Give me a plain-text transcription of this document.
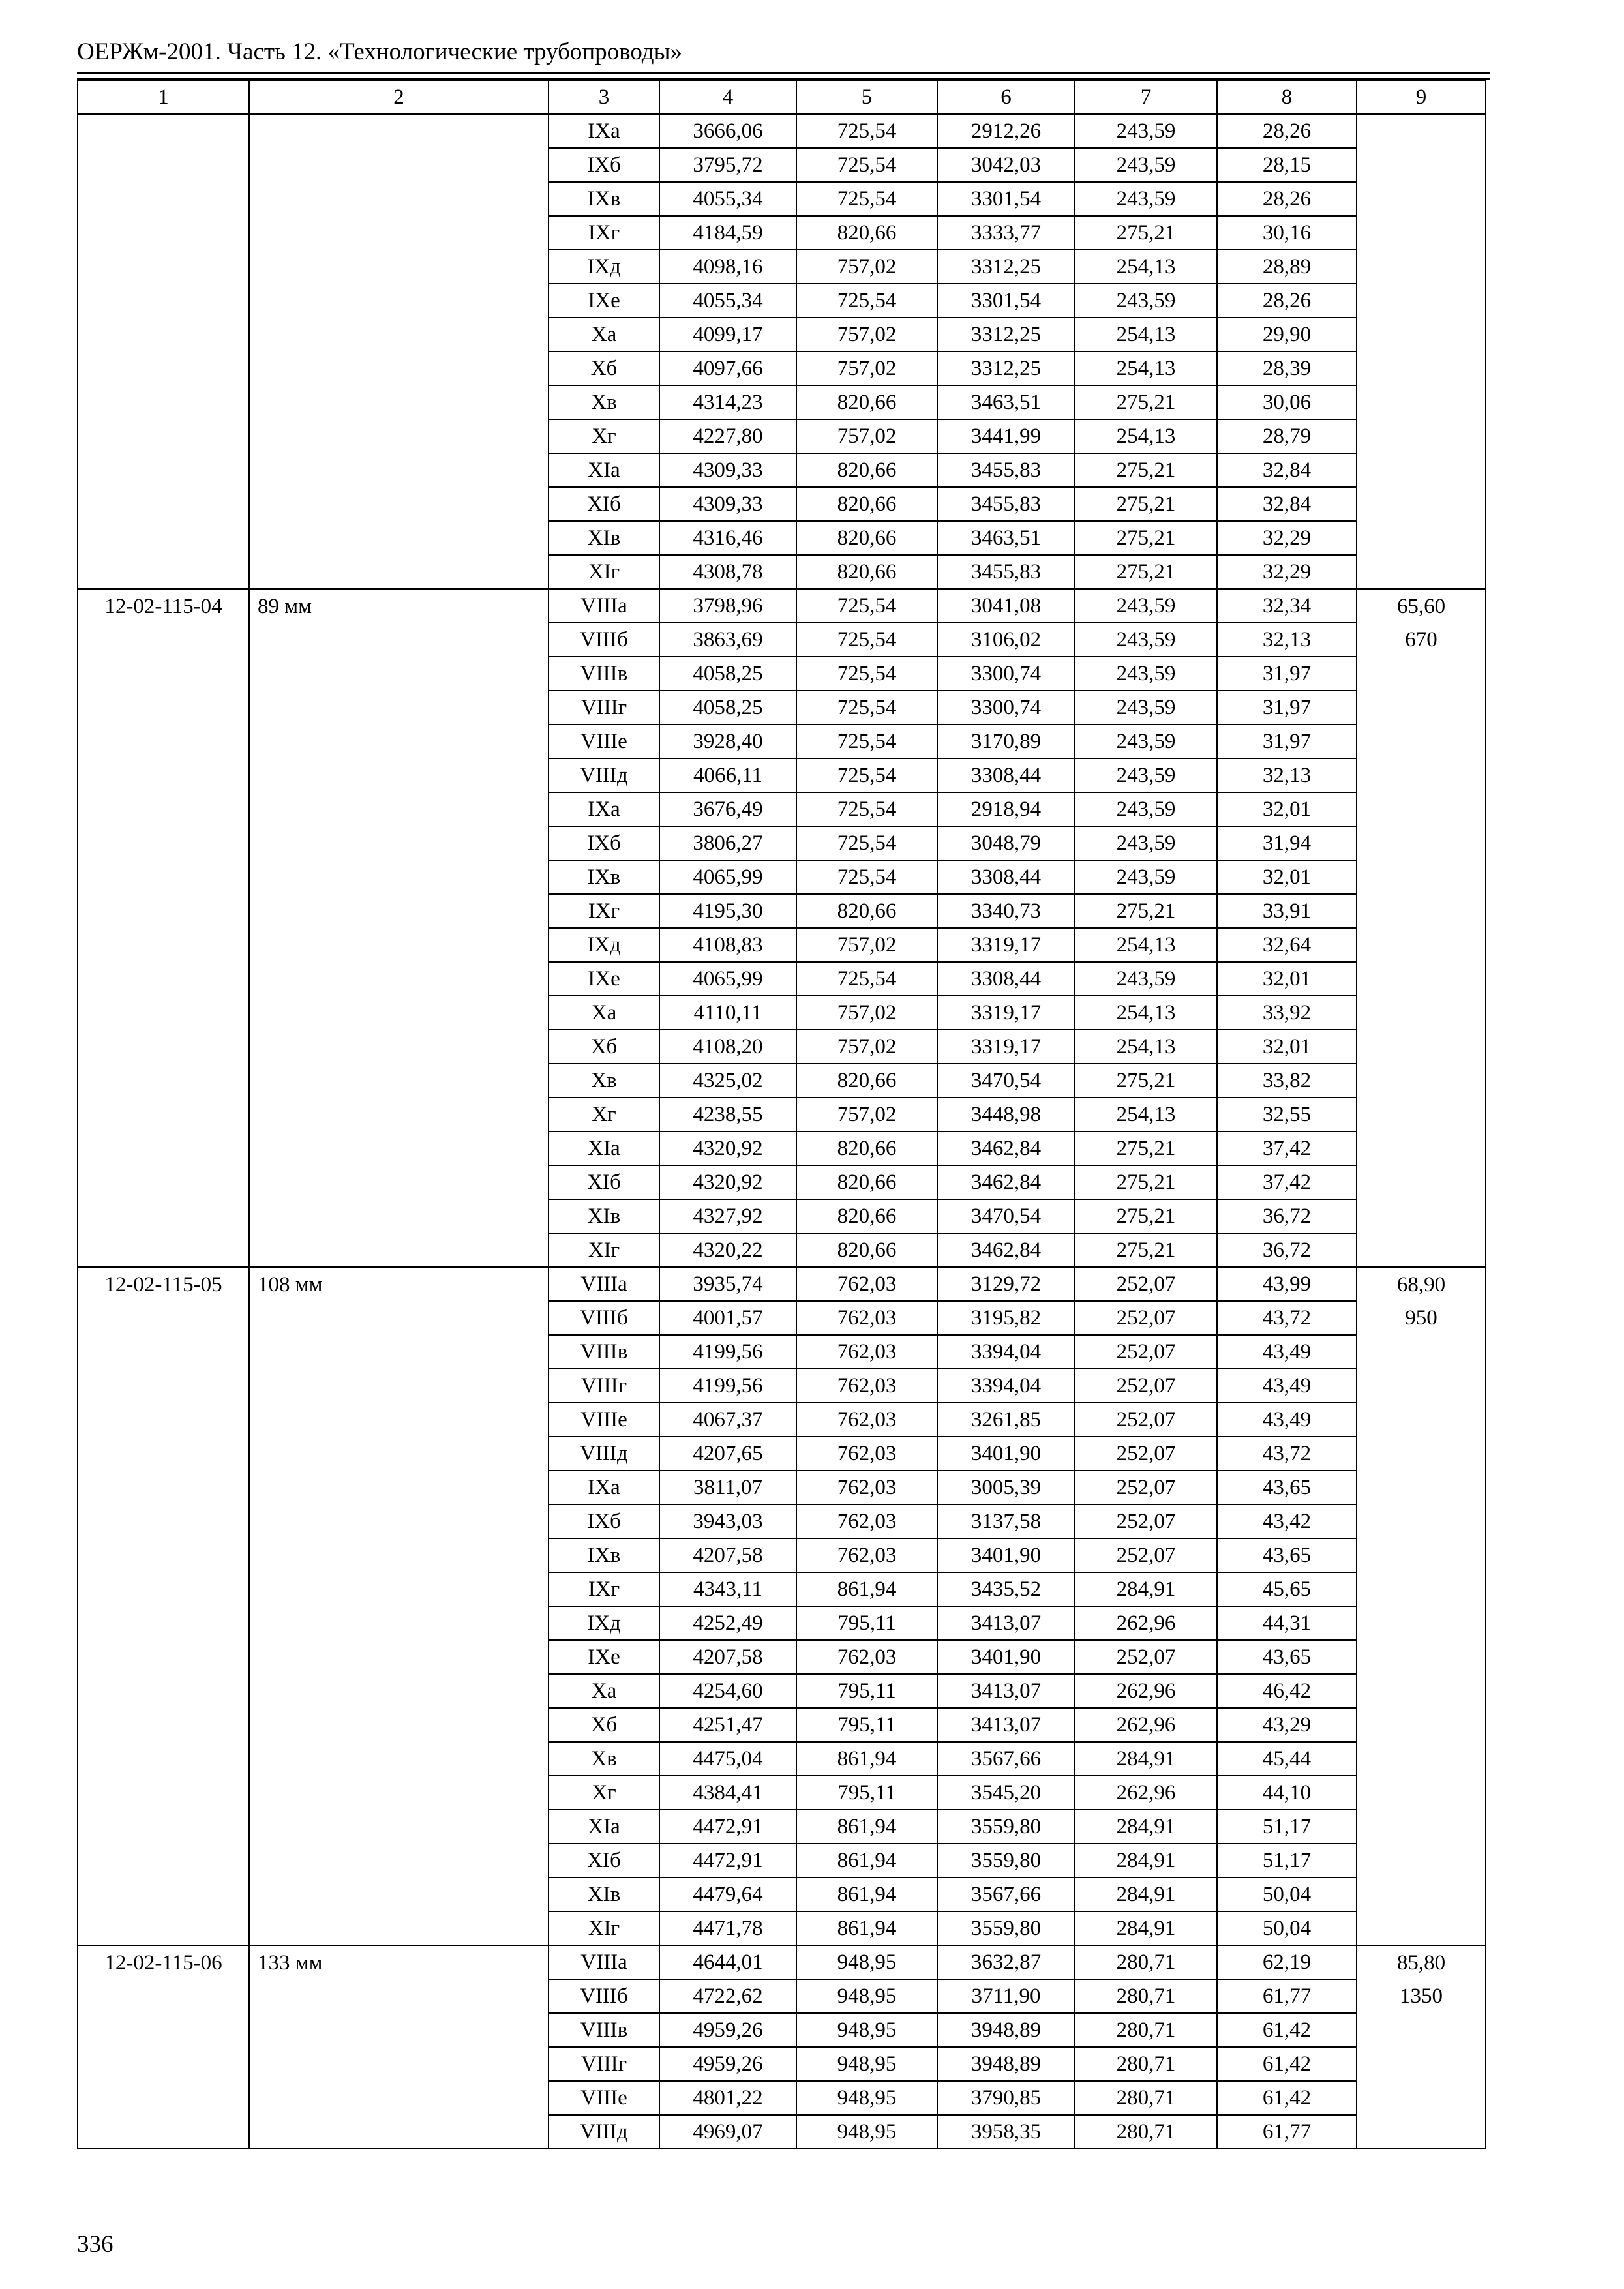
ОЕРЖм-2001. Часть 12. «Технологические трубопроводы»
1	2	3	4	5	6	7	8	9
		IXа	3666,06	725,54	2912,26	243,59	28,26	
		IXб	3795,72	725,54	3042,03	243,59	28,15	
		IXв	4055,34	725,54	3301,54	243,59	28,26	
		IXг	4184,59	820,66	3333,77	275,21	30,16	
		IXд	4098,16	757,02	3312,25	254,13	28,89	
		IXе	4055,34	725,54	3301,54	243,59	28,26	
		Xа	4099,17	757,02	3312,25	254,13	29,90	
		Xб	4097,66	757,02	3312,25	254,13	28,39	
		Xв	4314,23	820,66	3463,51	275,21	30,06	
		Xг	4227,80	757,02	3441,99	254,13	28,79	
		XIа	4309,33	820,66	3455,83	275,21	32,84	
		XIб	4309,33	820,66	3455,83	275,21	32,84	
		XIв	4316,46	820,66	3463,51	275,21	32,29	
		XIг	4308,78	820,66	3455,83	275,21	32,29	
12-02-115-04	89 мм	VIIIа	3798,96	725,54	3041,08	243,59	32,34	65,60
		VIIIб	3863,69	725,54	3106,02	243,59	32,13	670
		VIIIв	4058,25	725,54	3300,74	243,59	31,97	
		VIIIг	4058,25	725,54	3300,74	243,59	31,97	
		VIIIе	3928,40	725,54	3170,89	243,59	31,97	
		VIIIд	4066,11	725,54	3308,44	243,59	32,13	
		IXа	3676,49	725,54	2918,94	243,59	32,01	
		IXб	3806,27	725,54	3048,79	243,59	31,94	
		IXв	4065,99	725,54	3308,44	243,59	32,01	
		IXг	4195,30	820,66	3340,73	275,21	33,91	
		IXд	4108,83	757,02	3319,17	254,13	32,64	
		IXе	4065,99	725,54	3308,44	243,59	32,01	
		Xа	4110,11	757,02	3319,17	254,13	33,92	
		Xб	4108,20	757,02	3319,17	254,13	32,01	
		Xв	4325,02	820,66	3470,54	275,21	33,82	
		Xг	4238,55	757,02	3448,98	254,13	32,55	
		XIа	4320,92	820,66	3462,84	275,21	37,42	
		XIб	4320,92	820,66	3462,84	275,21	37,42	
		XIв	4327,92	820,66	3470,54	275,21	36,72	
		XIг	4320,22	820,66	3462,84	275,21	36,72	
12-02-115-05	108 мм	VIIIа	3935,74	762,03	3129,72	252,07	43,99	68,90
		VIIIб	4001,57	762,03	3195,82	252,07	43,72	950
		VIIIв	4199,56	762,03	3394,04	252,07	43,49	
		VIIIг	4199,56	762,03	3394,04	252,07	43,49	
		VIIIе	4067,37	762,03	3261,85	252,07	43,49	
		VIIIд	4207,65	762,03	3401,90	252,07	43,72	
		IXа	3811,07	762,03	3005,39	252,07	43,65	
		IXб	3943,03	762,03	3137,58	252,07	43,42	
		IXв	4207,58	762,03	3401,90	252,07	43,65	
		IXг	4343,11	861,94	3435,52	284,91	45,65	
		IXд	4252,49	795,11	3413,07	262,96	44,31	
		IXе	4207,58	762,03	3401,90	252,07	43,65	
		Xа	4254,60	795,11	3413,07	262,96	46,42	
		Xб	4251,47	795,11	3413,07	262,96	43,29	
		Xв	4475,04	861,94	3567,66	284,91	45,44	
		Xг	4384,41	795,11	3545,20	262,96	44,10	
		XIа	4472,91	861,94	3559,80	284,91	51,17	
		XIб	4472,91	861,94	3559,80	284,91	51,17	
		XIв	4479,64	861,94	3567,66	284,91	50,04	
		XIг	4471,78	861,94	3559,80	284,91	50,04	
12-02-115-06	133 мм	VIIIа	4644,01	948,95	3632,87	280,71	62,19	85,80
		VIIIб	4722,62	948,95	3711,90	280,71	61,77	1350
		VIIIв	4959,26	948,95	3948,89	280,71	61,42	
		VIIIг	4959,26	948,95	3948,89	280,71	61,42	
		VIIIе	4801,22	948,95	3790,85	280,71	61,42	
		VIIIд	4969,07	948,95	3958,35	280,71	61,77	
336
